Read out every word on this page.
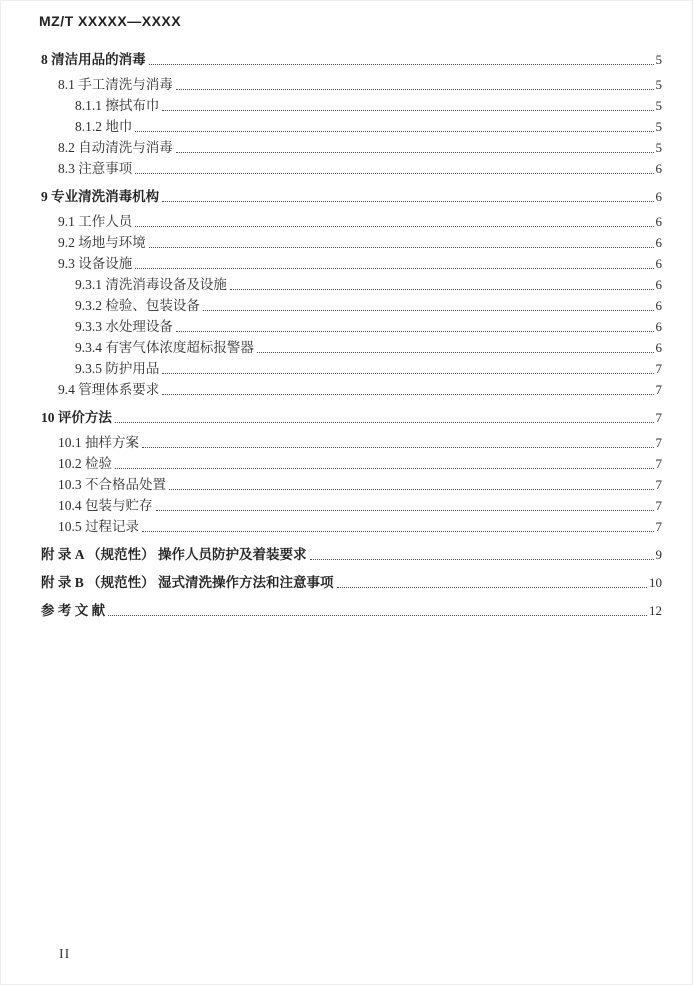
MZ/T XXXXX—XXXX
8 清洁用品的消毒	5
8.1 手工清洗与消毒	5
8.1.1 擦拭布巾	5
8.1.2 地巾	5
8.2 自动清洗与消毒	5
8.3 注意事项	6
9 专业清洗消毒机构	6
9.1 工作人员	6
9.2 场地与环境	6
9.3 设备设施	6
9.3.1 清洗消毒设备及设施	6
9.3.2 检验、包装设备	6
9.3.3 水处理设备	6
9.3.4 有害气体浓度超标报警器	6
9.3.5 防护用品	7
9.4 管理体系要求	7
10 评价方法	7
10.1 抽样方案	7
10.2 检验	7
10.3 不合格品处置	7
10.4 包装与贮存	7
10.5 过程记录	7
附 录 A （规范性） 操作人员防护及着装要求	9
附 录 B （规范性） 湿式清洗操作方法和注意事项	10
参 考 文 献	12
II
